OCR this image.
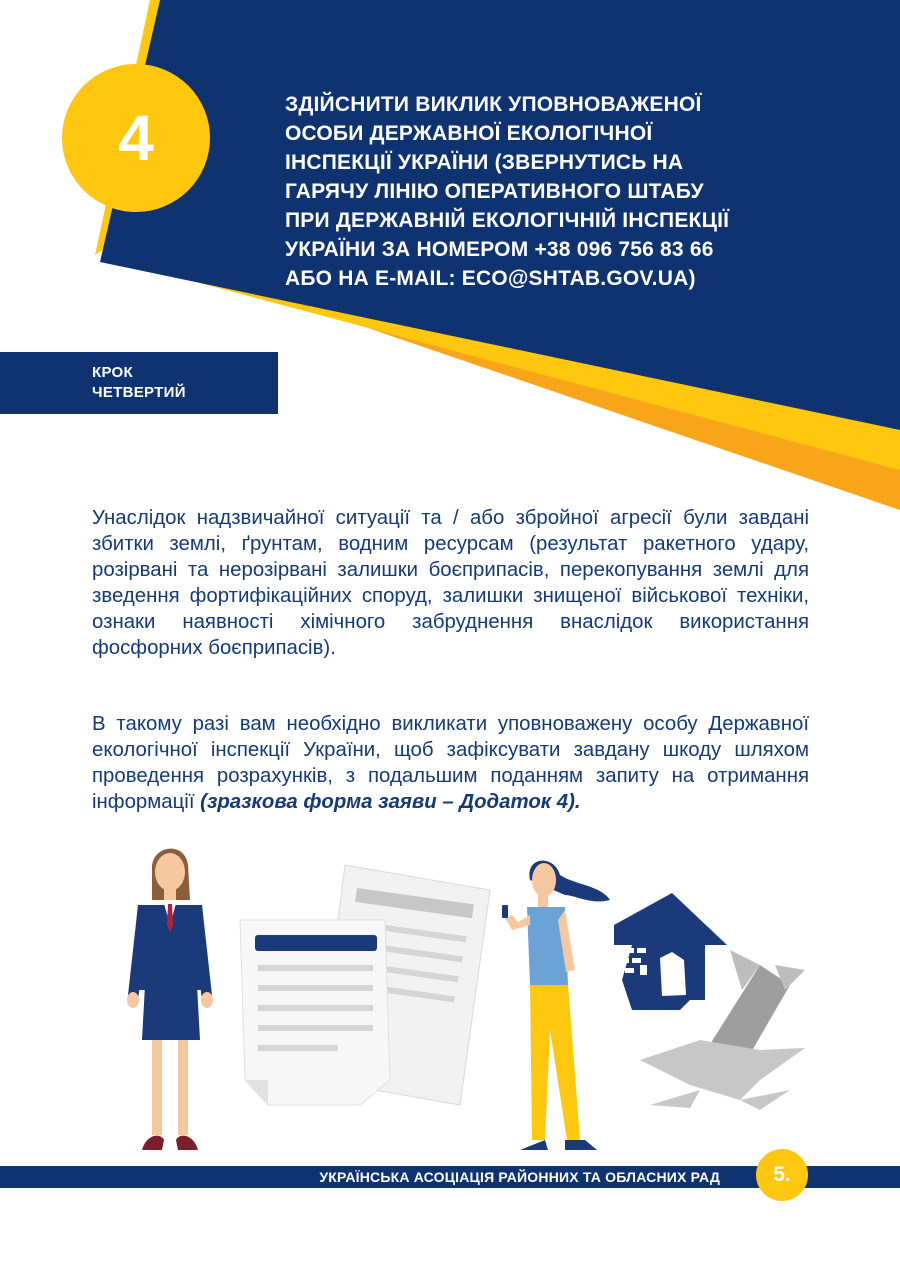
4	ЗДІЙСНИТИ ВИКЛИК УПОВНОВАЖЕНОЇ
ОСОБИ ДЕРЖАВНОЇ ЕКОЛОГІЧНОЇ
ІНСПЕКЦІЇ УКРАЇНИ (ЗВЕРНУТИСЬ НА
ГАРЯЧУ ЛІНІЮ ОПЕРАТИВНОГО ШТАБУ
ПРИ ДЕРЖАВНІЙ ЕКОЛОГІЧНІЙ ІНСПЕКЦІЇ
УКРАЇНИ ЗА НОМЕРОМ +38 096 756 83 66
АБО НА E-MAIL: ECO@SHTAB.GOV.UA)
КРОК
ЧЕТВЕРТИЙ

Унаслідок надзвичайної ситуації та / або збройної агресії були завдані збитки землі, ґрунтам, водним ресурсам (результат ракетного удару, розірвані та нерозірвані залишки боєприпасів, перекопування землі для зведення фортифікаційних споруд, залишки знищеної військової техніки, ознаки наявності хімічного забруднення внаслідок використання фосфорних боєприпасів).

В такому разі вам необхідно викликати уповноважену особу Державної екологічної інспекції України, щоб зафіксувати завдану шкоду шляхом проведення розрахунків, з подальшим поданням запиту на отримання інформації (зразкова форма заяви – Додаток 4).

УКРАЇНСЬКА АСОЦІАЦІЯ РАЙОННИХ ТА ОБЛАСНИХ РАД	5.
